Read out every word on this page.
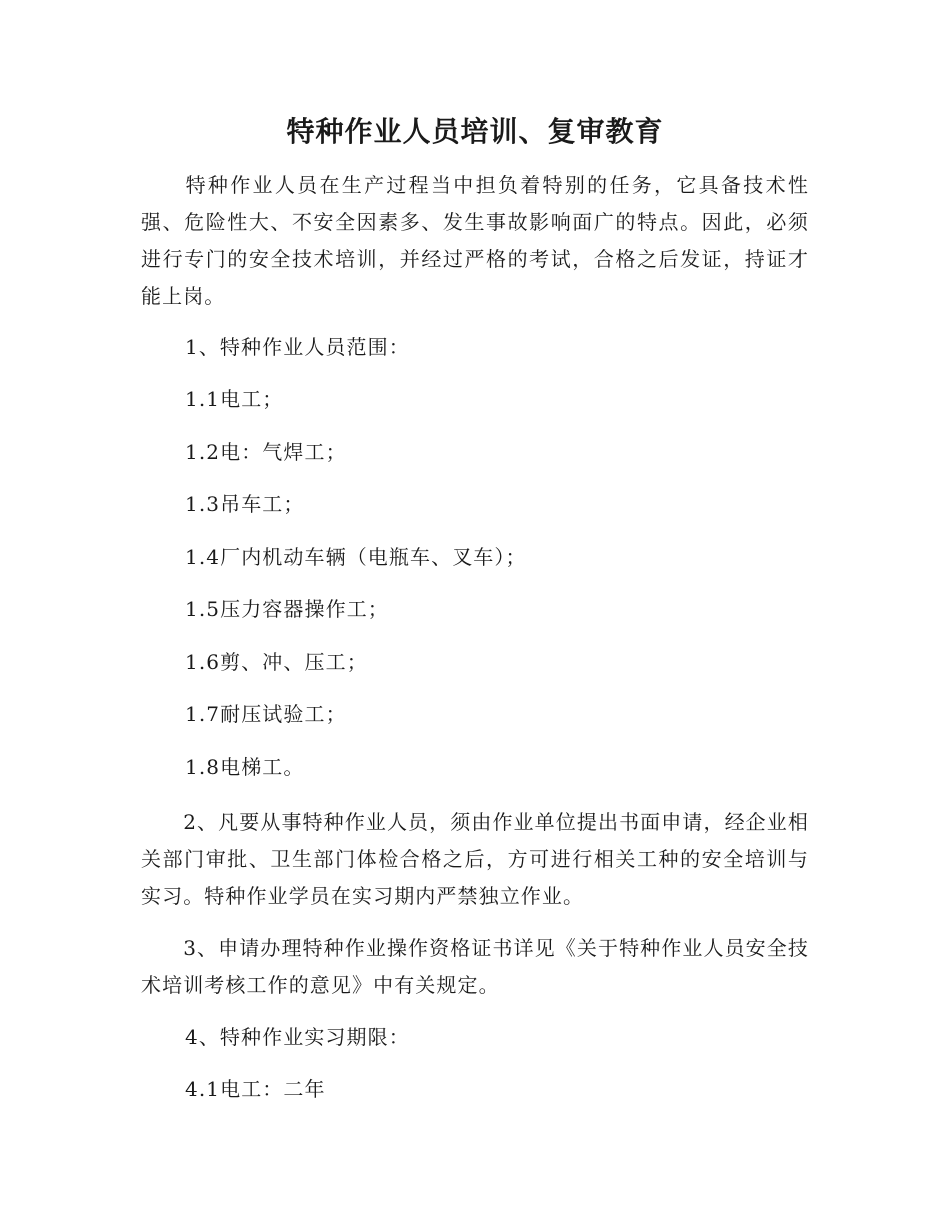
特种作业人员培训、复审教育
　　特种作业人员在生产过程当中担负着特别的任务，它具备技术性强、危险性大、不安全因素多、发生事故影响面广的特点。因此，必须进行专门的安全技术培训，并经过严格的考试，合格之后发证，持证才能上岗。
1、特种作业人员范围：
1.1电工；
1.2电：气焊工；
1.3吊车工；
1.4厂内机动车辆（电瓶车、叉车）；
1.5压力容器操作工；
1.6剪、冲、压工；
1.7耐压试验工；
1.8电梯工。
　　2、凡要从事特种作业人员，须由作业单位提出书面申请，经企业相关部门审批、卫生部门体检合格之后，方可进行相关工种的安全培训与实习。特种作业学员在实习期内严禁独立作业。
　　3、申请办理特种作业操作资格证书详见《关于特种作业人员安全技术培训考核工作的意见》中有关规定。
4、特种作业实习期限：
4.1电工：二年
